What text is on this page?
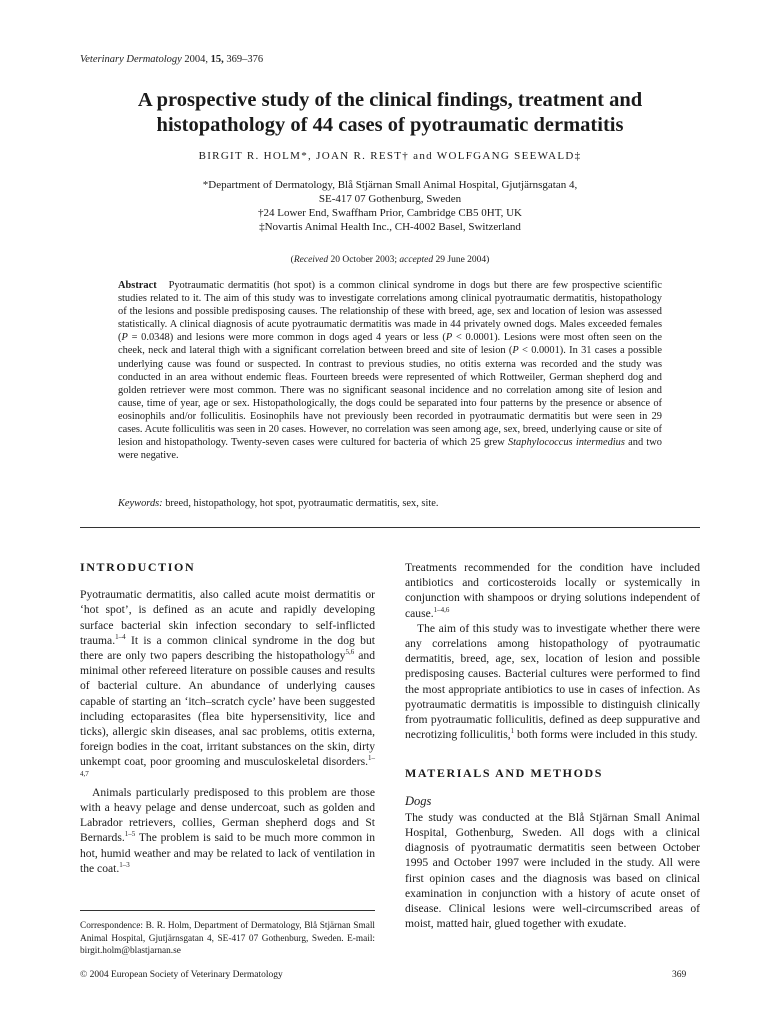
Veterinary Dermatology 2004, 15, 369–376
A prospective study of the clinical findings, treatment and
histopathology of 44 cases of pyotraumatic dermatitis
BIRGIT R. HOLM*, JOAN R. REST† and WOLFGANG SEEWALD‡
*Department of Dermatology, Blå Stjärnan Small Animal Hospital, Gjutjärnsgatan 4,
SE-417 07 Gothenburg, Sweden
†24 Lower End, Swaffham Prior, Cambridge CB5 0HT, UK
‡Novartis Animal Health Inc., CH-4002 Basel, Switzerland
(Received 20 October 2003; accepted 29 June 2004)
Abstract Pyotraumatic dermatitis (hot spot) is a common clinical syndrome in dogs but there are few prospective scientific studies related to it. The aim of this study was to investigate correlations among clinical pyotraumatic dermatitis, histopathology of the lesions and possible predisposing causes. The relationship of these with breed, age, sex and location of lesion was assessed statistically. A clinical diagnosis of acute pyotraumatic dermatitis was made in 44 privately owned dogs. Males exceeded females (P = 0.0348) and lesions were more common in dogs aged 4 years or less (P < 0.0001). Lesions were most often seen on the cheek, neck and lateral thigh with a significant correlation between breed and site of lesion (P < 0.0001). In 31 cases a possible underlying cause was found or suspected. In contrast to previous studies, no otitis externa was recorded and the study was conducted in an area without endemic fleas. Fourteen breeds were represented of which Rottweiler, German shepherd dog and golden retriever were most common. There was no significant seasonal incidence and no correlation among site of lesion and cause, time of year, age or sex. Histopathologically, the dogs could be separated into four patterns by the presence or absence of eosinophils and/or folliculitis. Eosinophils have not previously been recorded in pyotraumatic dermatitis but were seen in 29 cases. Acute folliculitis was seen in 20 cases. However, no correlation was seen among age, sex, breed, underlying cause or site of lesion and histopathology. Twenty-seven cases were cultured for bacteria of which 25 grew Staphylococcus intermedius and two were negative.
Keywords: breed, histopathology, hot spot, pyotraumatic dermatitis, sex, site.
INTRODUCTION

Pyotraumatic dermatitis, also called acute moist dermatitis or ‘hot spot’, is defined as an acute and rapidly developing surface bacterial skin infection secondary to self-inflicted trauma.$^{1-4}$ It is a common clinical syndrome in the dog but there are only two papers describing the histopathology$^{5,6}$ and minimal other refereed literature on possible causes and results of bacterial culture. An abundance of underlying causes capable of starting an ‘itch–scratch cycle’ have been suggested including ectoparasites (flea bite hypersensitivity, lice and ticks), allergic skin diseases, anal sac problems, otitis externa, foreign bodies in the coat, irritant substances on the skin, dirty unkempt coat, poor grooming and musculoskeletal disorders.$^{1-4,7}$

Animals particularly predisposed to this problem are those with a heavy pelage and dense undercoat, such as golden and Labrador retrievers, collies, German shepherd dogs and St Bernards.$^{1-5}$ The problem is said to be much more common in hot, humid weather and may be related to lack of ventilation in the coat.$^{1-3}$

Treatments recommended for the condition have included antibiotics and corticosteroids locally or systemically in conjunction with shampoos or drying solutions independent of cause.$^{1-4,6}$

The aim of this study was to investigate whether there were any correlations among histopathology of pyotraumatic dermatitis, breed, age, sex, location of lesion and possible predisposing causes. Bacterial cultures were performed to find the most appropriate antibiotics to use in cases of infection. As pyotraumatic dermatitis is impossible to distinguish clinically from pyotraumatic folliculitis, defined as deep suppurative and necrotizing folliculitis,$^1$ both forms were included in this study.

MATERIALS AND METHODS
Dogs

The study was conducted at the Blå Stjärnan Small Animal Hospital, Gothenburg, Sweden. All dogs with a clinical diagnosis of pyotraumatic dermatitis seen between October 1995 and October 1997 were included in the study. All were first opinion cases and the diagnosis was based on clinical examination in conjunction with a history of acute onset of disease. Clinical lesions were well-circumscribed areas of moist, matted hair, glued together with exudate.

Correspondence: B. R. Holm, Department of Dermatology, Blå Stjärnan Small Animal Hospital, Gjutjärnsgatan 4, SE-417 07 Gothenburg, Sweden. E-mail: birgit.holm@blastjarnan.se
© 2004 European Society of Veterinary Dermatology	369
